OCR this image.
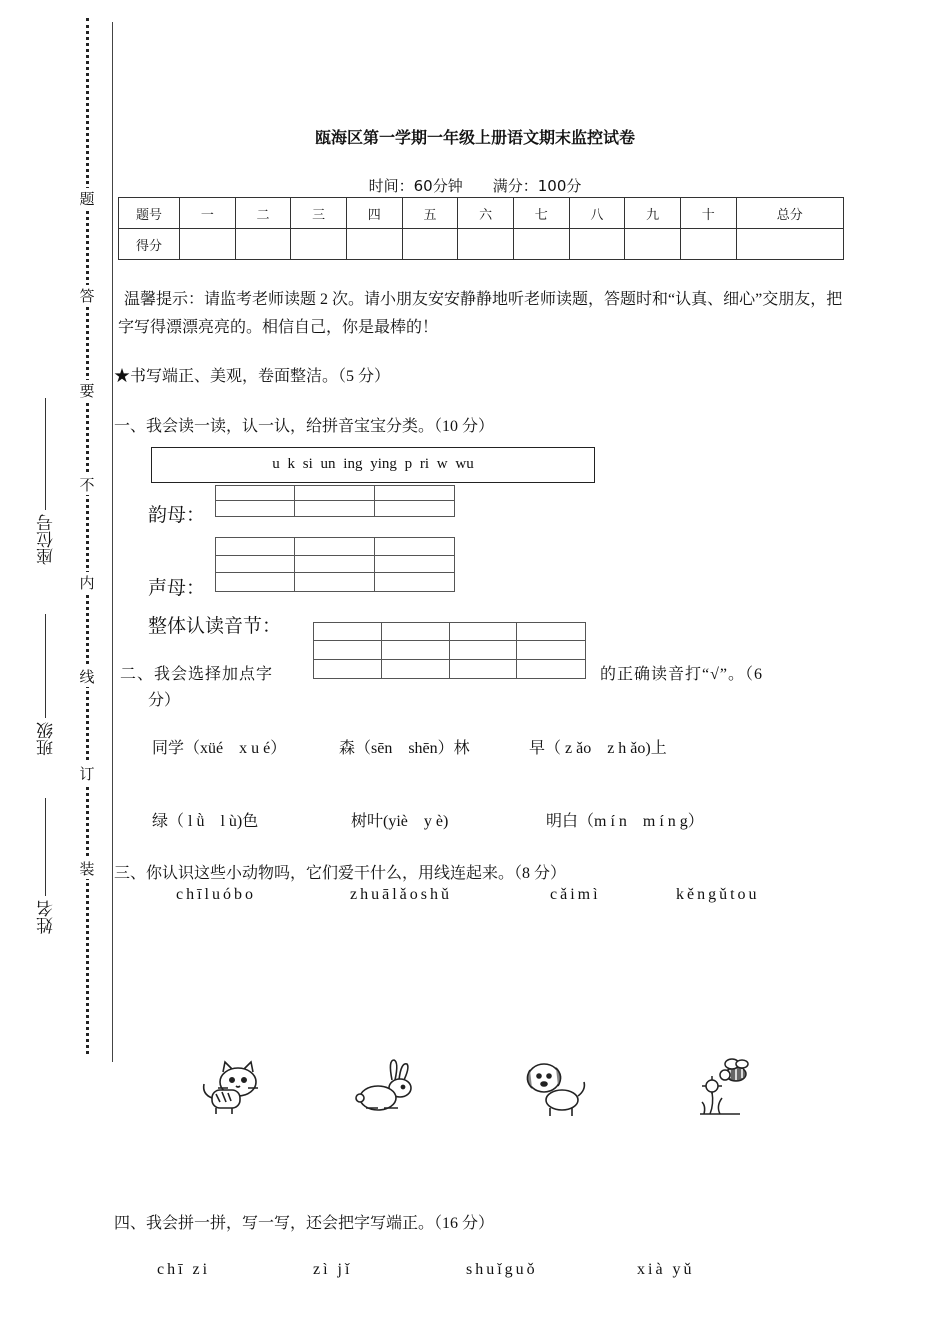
题
答
要
不
内
线
订
装
座位号
班级
姓名
瓯海区第一学期一年级上册语文期末监控试卷
时间：60分钟　　满分：100分
题号	一	二	三	四	五	六	七	八	九	十	总分
得分											
温馨提示：请监考老师读题 2 次。请小朋友安安静静地听老师读题，答题时和“认真、细心”交朋友，把字写得漂漂亮亮的。相信自己，你是最棒的！
★书写端正、美观，卷面整洁。（5 分）
一、我会读一读，认一认，给拼音宝宝分类。（10 分）
u k si un ing ying p ri w wu
韵母：
声母：
整体认读音节：
二、我会选择加点字	的正确读音打“√”。（6
分）
同学（xüé　x u é）	森（sēn　shēn）林	早（ z ǎo　z h ǎo)上
绿（ l ǜ　l ù)色	树叶(yiè　y è)	明白（m í n　m í n g）
三、你认识这些小动物吗，它们爱干什么，用线连起来。（8 分）
chīluóbo	zhuālǎoshǔ	cǎimì	kěngǔtou
四、我会拼一拼，写一写，还会把字写端正。（16 分）
chī zi	zì jǐ	shuǐguǒ	xià yǔ
